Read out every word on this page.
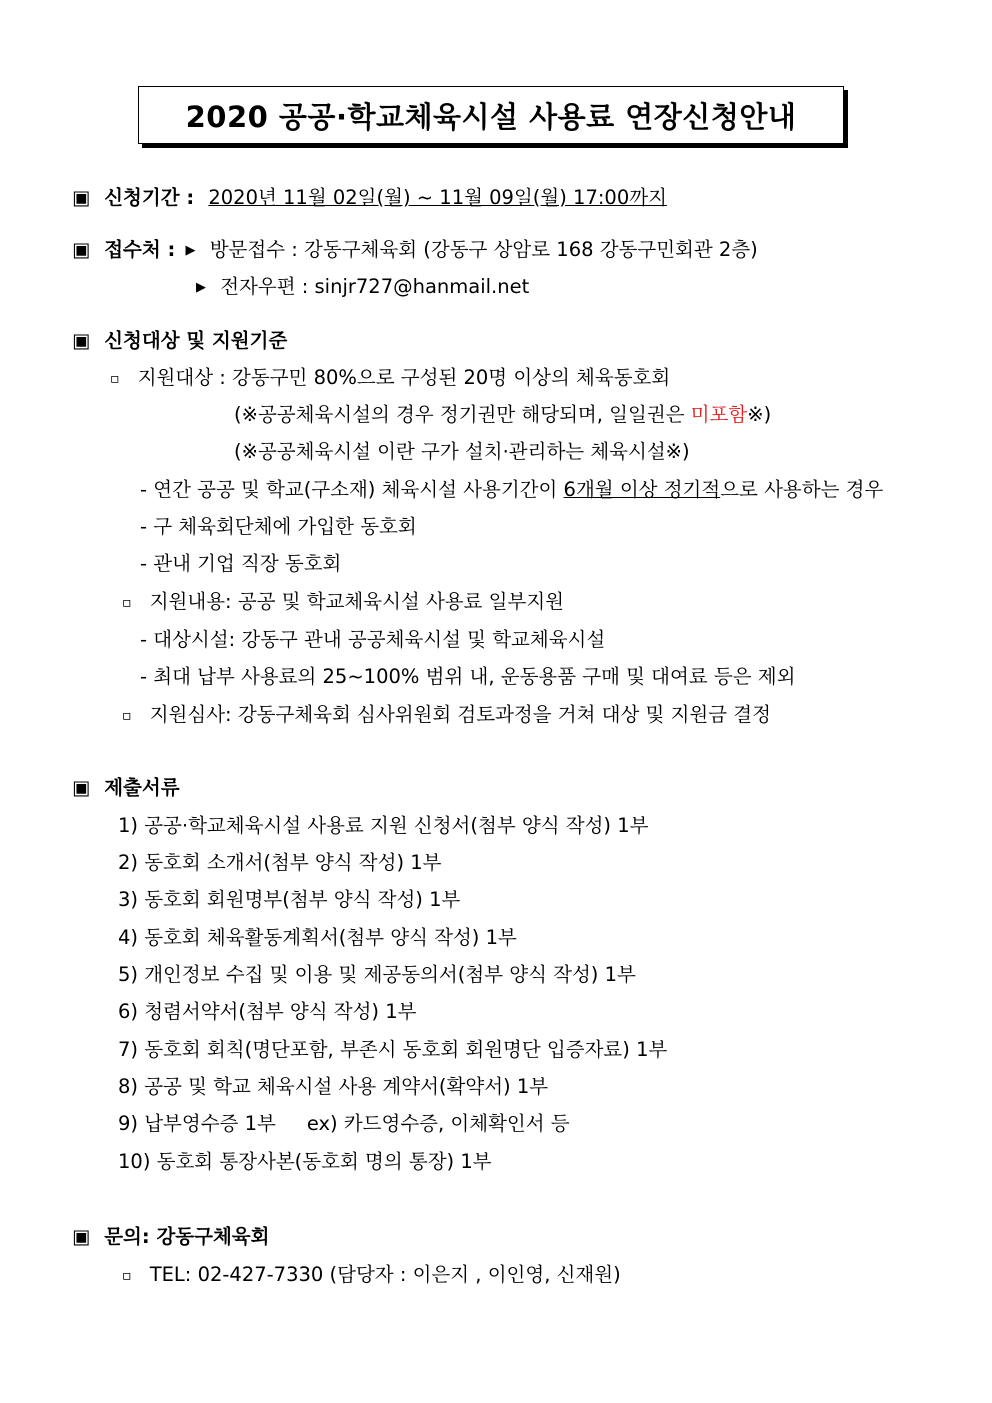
2020 공공·학교체육시설 사용료 연장신청안내
▣ 신청기간 : 2020년 11월 02일(월) ~ 11월 09일(월) 17:00까지
▣ 접수처 : ▶ 방문접수 : 강동구체육회 (강동구 상암로 168 강동구민회관 2층)
▶ 전자우편 : sinjr727@hanmail.net
▣ 신청대상 및 지원기준
▫ 지원대상 : 강동구민 80%으로 구성된 20명 이상의 체육동호회
(※공공체육시설의 경우 정기권만 해당되며, 일일권은 미포함※)
(※공공체육시설 이란 구가 설치·관리하는 체육시설※)
- 연간 공공 및 학교(구소재) 체육시설 사용기간이 6개월 이상 정기적으로 사용하는 경우
- 구 체육회단체에 가입한 동호회
- 관내 기업 직장 동호회
▫ 지원내용: 공공 및 학교체육시설 사용료 일부지원
- 대상시설: 강동구 관내 공공체육시설 및 학교체육시설
- 최대 납부 사용료의 25~100% 범위 내, 운동용품 구매 및 대여료 등은 제외
▫ 지원심사: 강동구체육회 심사위원회 검토과정을 거쳐 대상 및 지원금 결정
▣ 제출서류
1) 공공·학교체육시설 사용료 지원 신청서(첨부 양식 작성) 1부
2) 동호회 소개서(첨부 양식 작성) 1부
3) 동호회 회원명부(첨부 양식 작성) 1부
4) 동호회 체육활동계획서(첨부 양식 작성) 1부
5) 개인정보 수집 및 이용 및 제공동의서(첨부 양식 작성) 1부
6) 청렴서약서(첨부 양식 작성) 1부
7) 동호회 회칙(명단포함, 부존시 동호회 회원명단 입증자료) 1부
8) 공공 및 학교 체육시설 사용 계약서(확약서) 1부
9) 납부영수증 1부     ex) 카드영수증, 이체확인서 등
10) 동호회 통장사본(동호회 명의 통장) 1부
▣ 문의: 강동구체육회
▫ TEL: 02-427-7330 (담당자 : 이은지 , 이인영, 신재원)
